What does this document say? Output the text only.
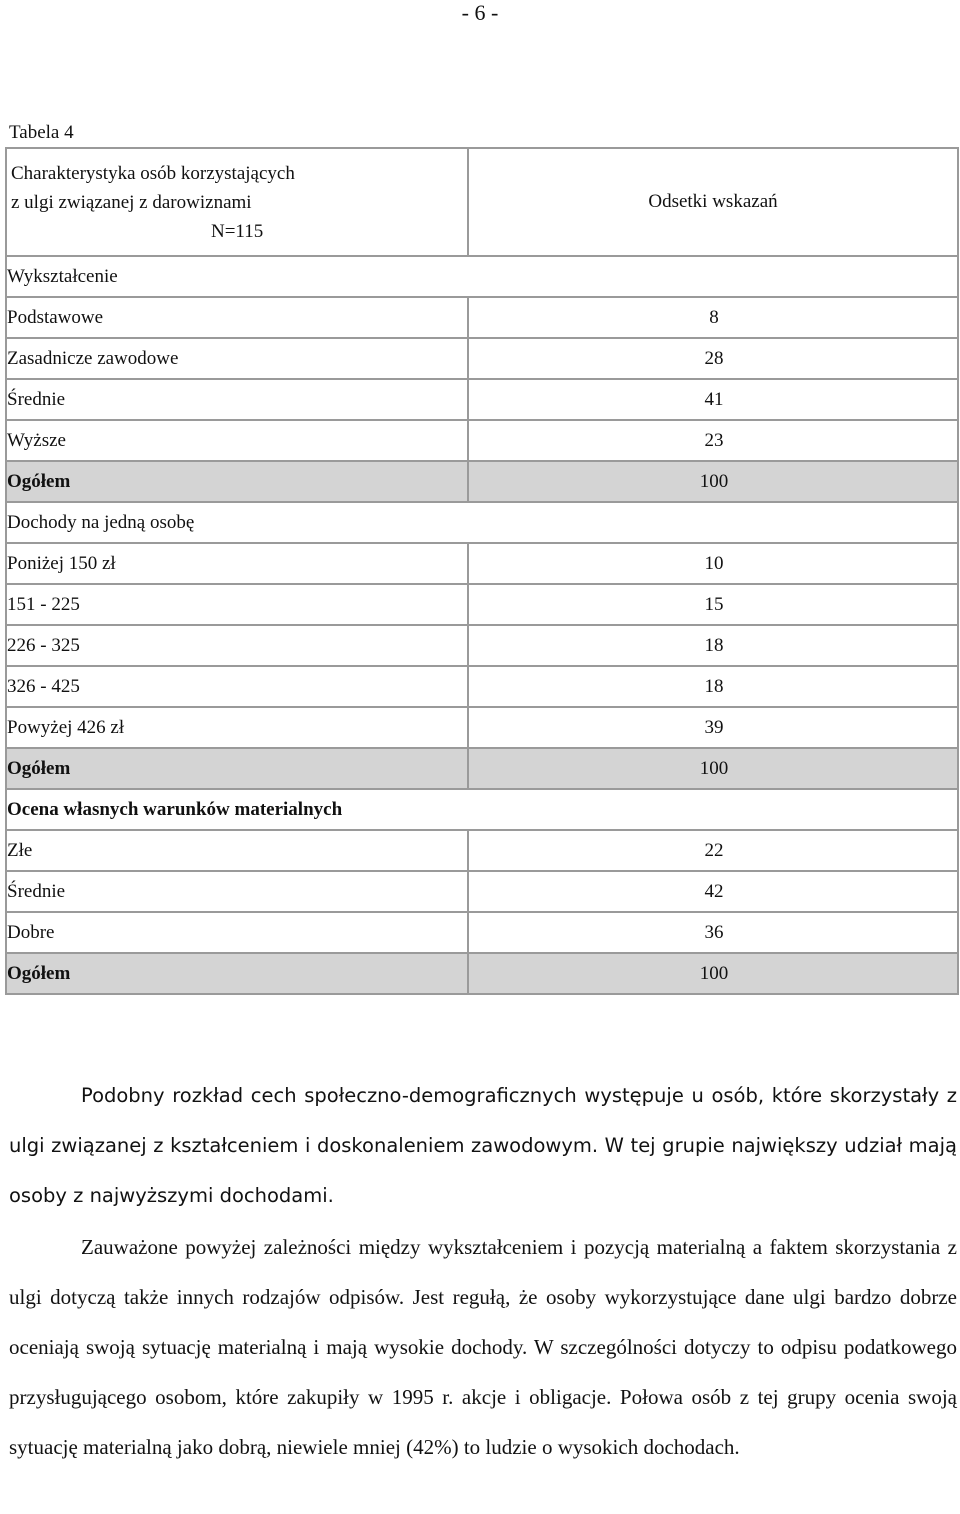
- 6 -
Tabela 4
Charakterystyka osób korzystających
z ulgi związanej z darowiznami
N=115	Odsetki wskazań
Wykształcenie	
Podstawowe	8

Zasadnicze zawodowe	28

Średnie	41

Wyższe	23

Ogółem	100

Dochody na jedną osobę	
Poniżej 150 zł	10

151 - 225	15

226 - 325	18

326 - 425	18

Powyżej 426 zł	39

Ogółem	100

Ocena własnych warunków materialnych	
Złe	22

Średnie	42

Dobre	36

Ogółem	100
Podobny rozkład cech społeczno-demograficznych występuje u osób, które skorzystały z ulgi związanej z kształceniem i doskonaleniem zawodowym. W tej grupie największy udział mają osoby z najwyższymi dochodami.
Zauważone powyżej zależności między wykształceniem i pozycją materialną a faktem skorzystania z ulgi dotyczą także innych rodzajów odpisów. Jest regułą, że osoby wykorzystujące dane ulgi bardzo dobrze oceniają swoją sytuację materialną i mają wysokie dochody. W szczególności dotyczy to odpisu podatkowego przysługującego osobom, które zakupiły w 1995 r. akcje i obligacje. Połowa osób z tej grupy ocenia swoją sytuację materialną jako dobrą, niewiele mniej (42%) to ludzie o wysokich dochodach.
